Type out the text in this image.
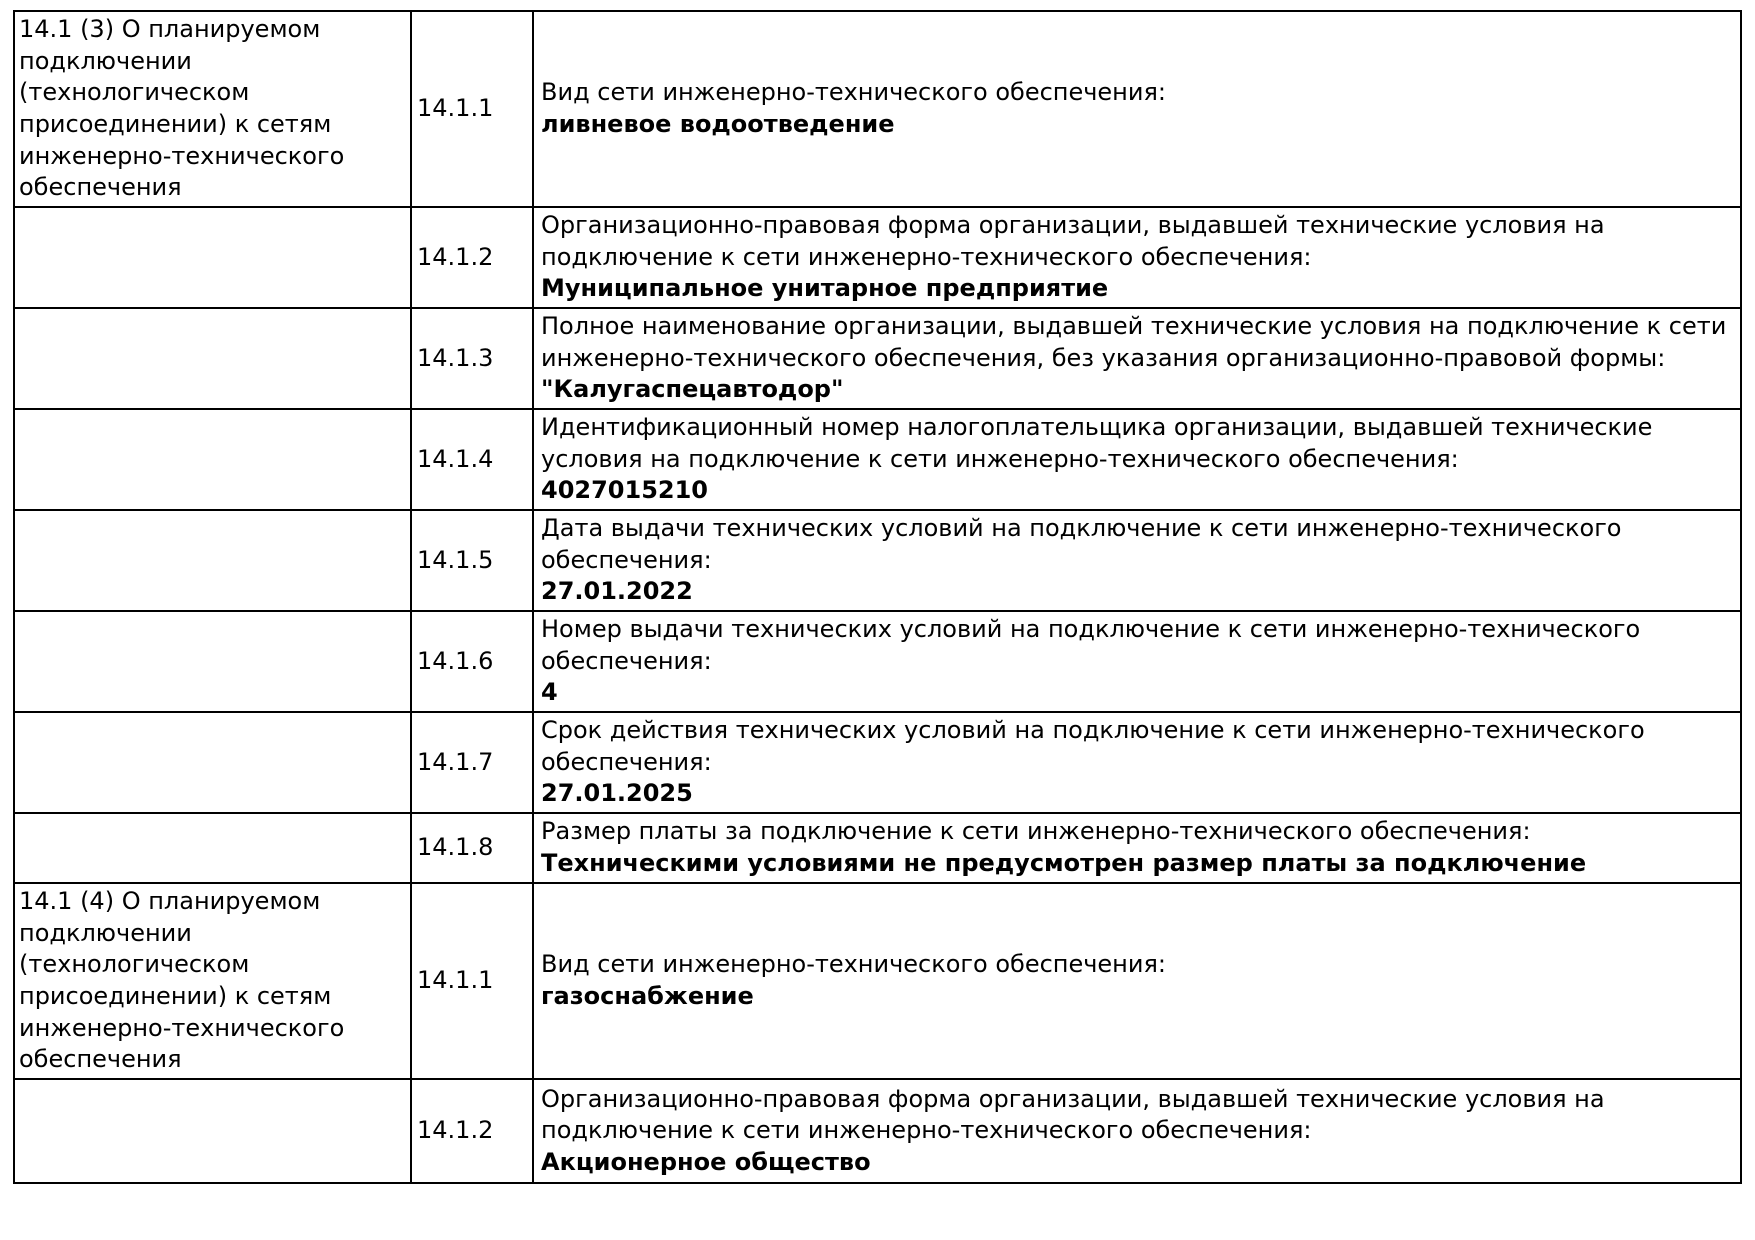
14.1 (3) О планируемом подключении (технологическом присоединении) к сетям инженерно-технического обеспечения	14.1.1	Вид сети инженерно-технического обеспечения:
ливневое водоотведение

	14.1.2	Организационно-правовая форма организации, выдавшей технические условия на подключение к сети инженерно-технического обеспечения:
Муниципальное унитарное предприятие

	14.1.3	Полное наименование организации, выдавшей технические условия на подключение к сети инженерно-технического обеспечения, без указания организационно-правовой формы:
"Калугаспецавтодор"

	14.1.4	Идентификационный номер налогоплательщика организации, выдавшей технические условия на подключение к сети инженерно-технического обеспечения:
4027015210

	14.1.5	Дата выдачи технических условий на подключение к сети инженерно-технического обеспечения:
27.01.2022

	14.1.6	Номер выдачи технических условий на подключение к сети инженерно-технического обеспечения:
4

	14.1.7	Срок действия технических условий на подключение к сети инженерно-технического обеспечения:
27.01.2025

	14.1.8	Размер платы за подключение к сети инженерно-технического обеспечения:
Техническими условиями не предусмотрен размер платы за подключение

14.1 (4) О планируемом подключении (технологическом присоединении) к сетям инженерно-технического обеспечения	14.1.1	Вид сети инженерно-технического обеспечения:
газоснабжение

	14.1.2	Организационно-правовая форма организации, выдавшей технические условия на подключение к сети инженерно-технического обеспечения:
Акционерное общество
